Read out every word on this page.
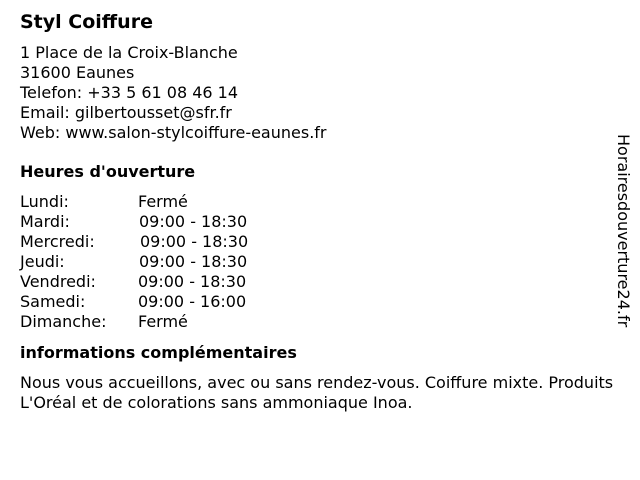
Styl Coiffure
1 Place de la Croix-Blanche
31600 Eaunes
Telefon: +33 5 61 08 46 14
Email: gilbertousset@sfr.fr
Web: www.salon-stylcoiffure-eaunes.fr
Heures d'ouverture
Lundi:	Fermé
Mardi:	09:00 - 18:30
Mercredi:	09:00 - 18:30
Jeudi:	09:00 - 18:30
Vendredi:	09:00 - 18:30
Samedi:	09:00 - 16:00
Dimanche:	Fermé
informations complémentaires
Nous vous accueillons, avec ou sans rendez-vous. Coiffure mixte. Produits L'Oréal et de colorations sans ammoniaque Inoa.
Horairesdouverture24.fr
